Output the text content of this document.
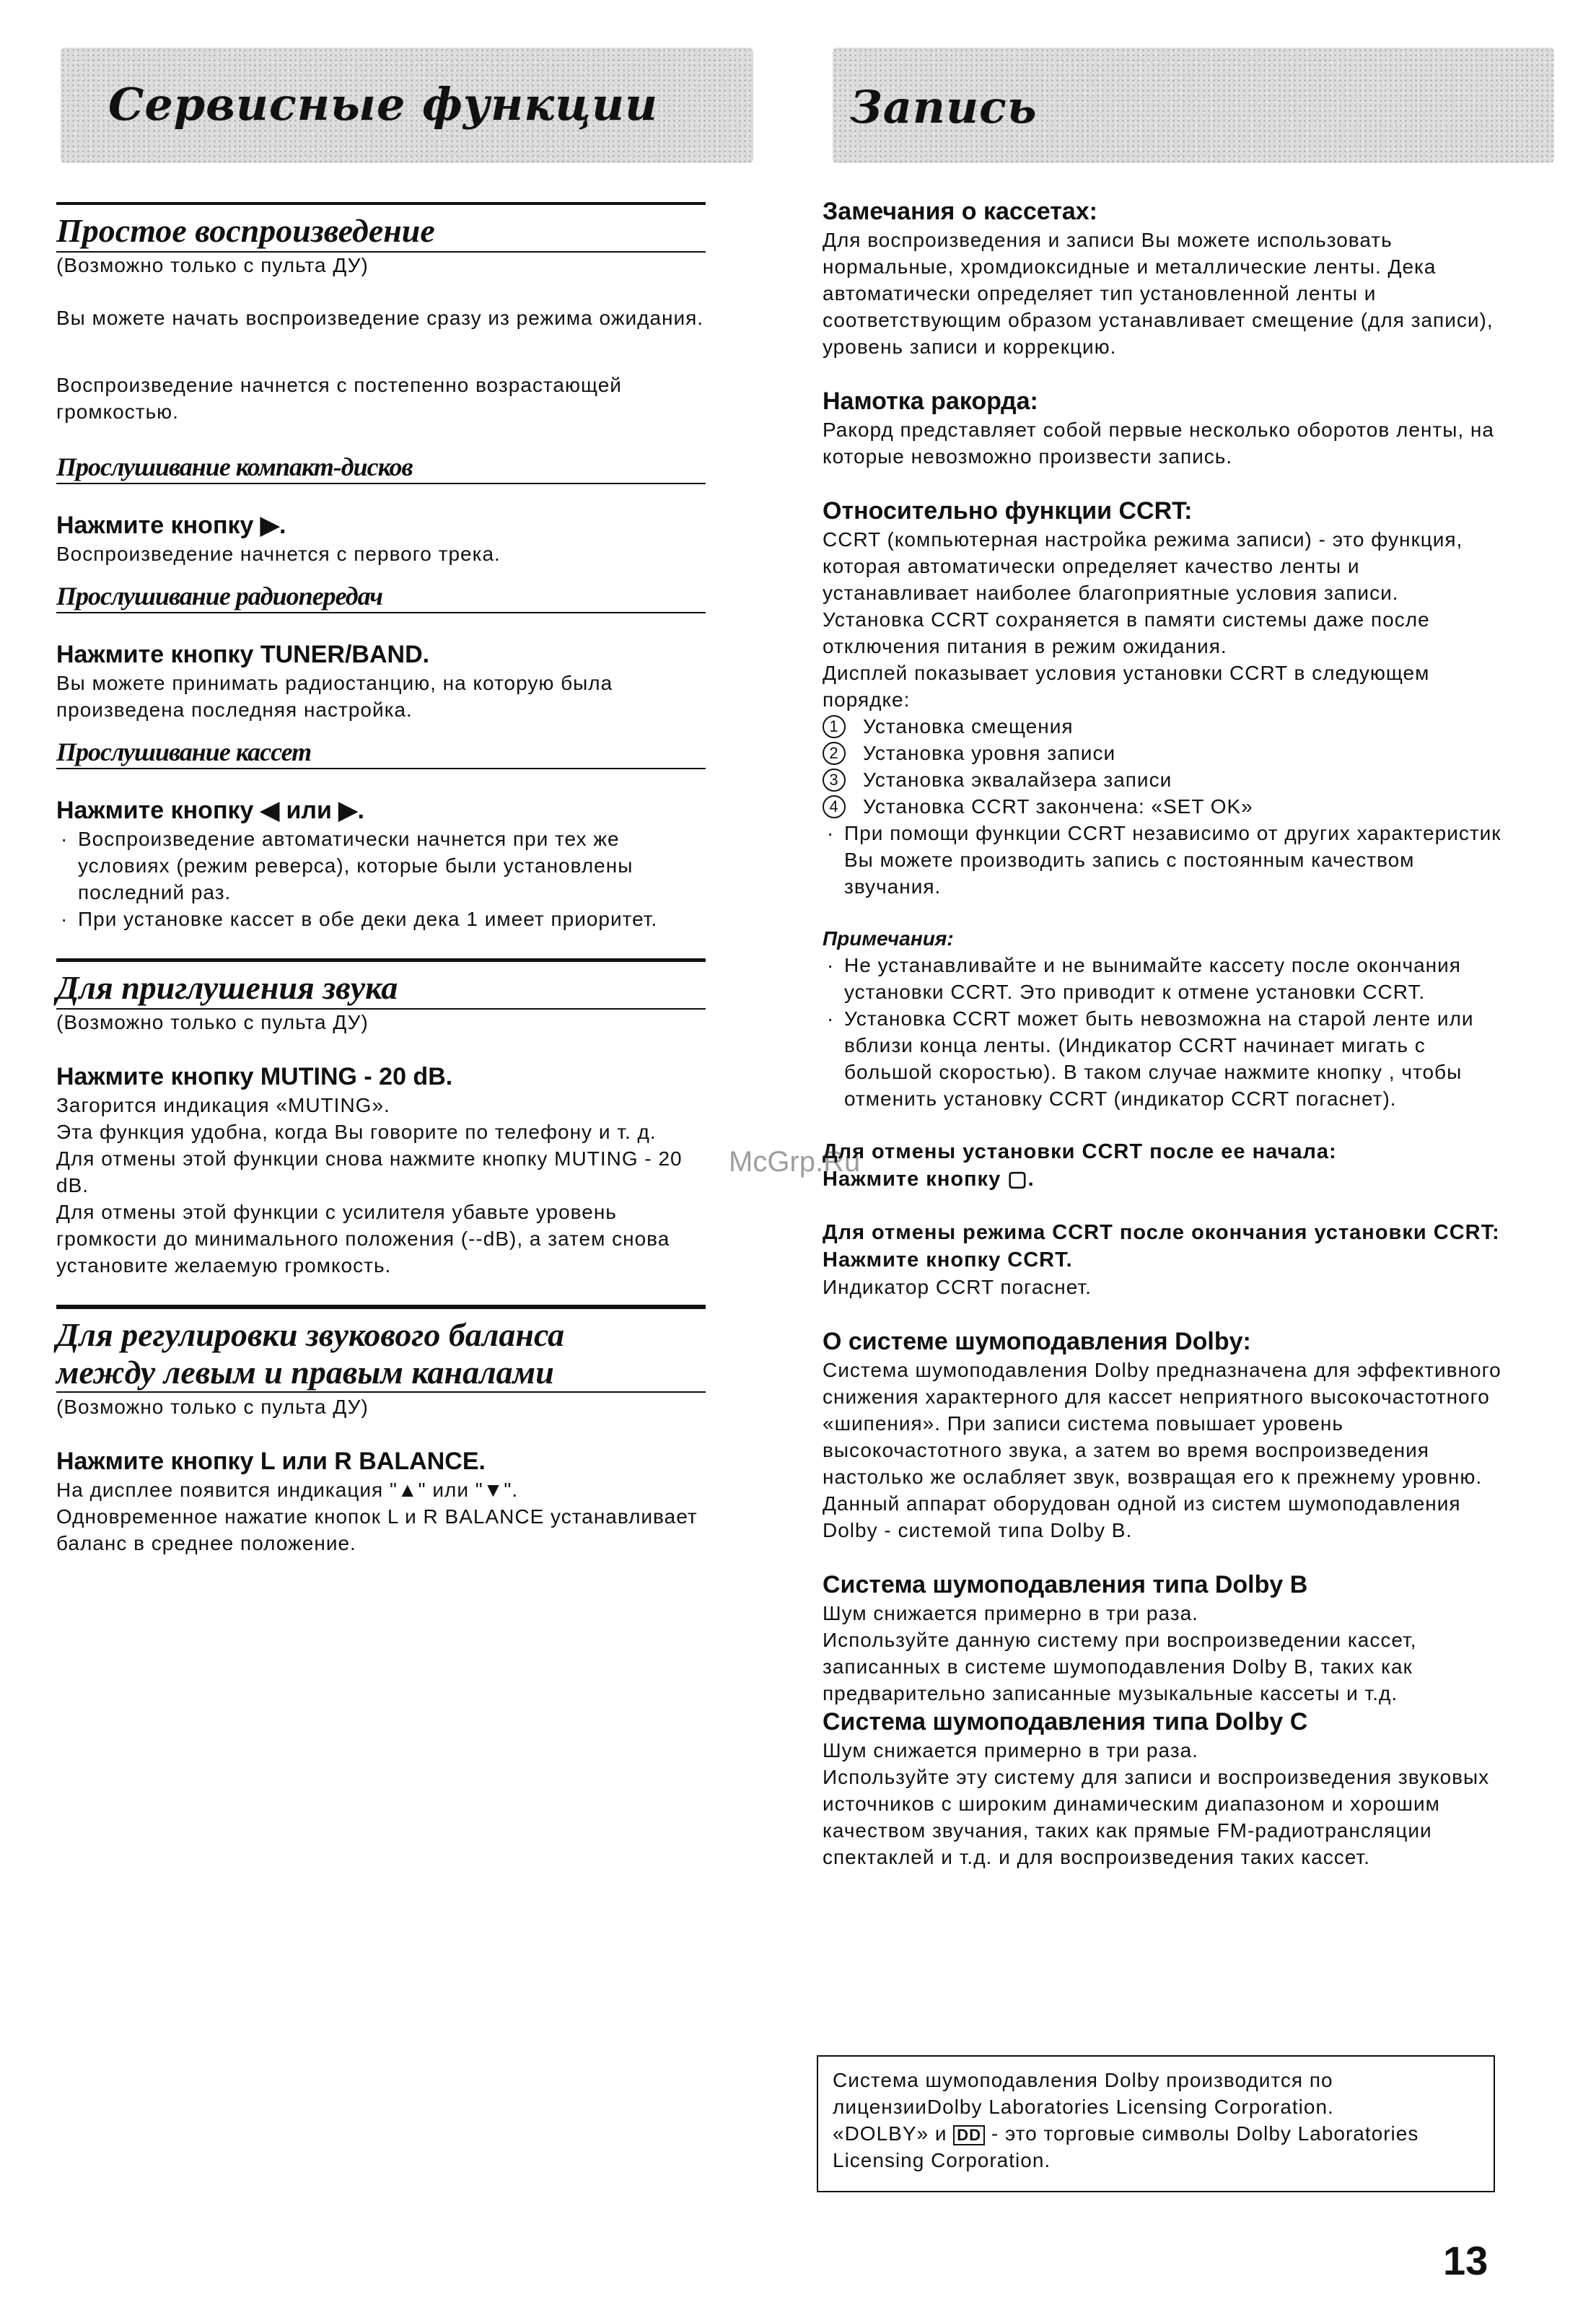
Сервисные функции	Запись
Простое воспроизведение

(Возможно только с пульта ДУ)

Вы можете начать воспроизведение сразу из режима ожидания.

Воспроизведение начнется с постепенно возрастающей громкостью.

Прослушивание компакт-дисков

Нажмите кнопку ▶.

Воспроизведение начнется с первого трека.

Прослушивание радиопередач

Нажмите кнопку TUNER/BAND.

Вы можете принимать радиостанцию, на которую была произведена последняя настройка.

Прослушивание кассет

Нажмите кнопку ◀ или ▶.

· Воспроизведение автоматически начнется при тех же условиях (режим реверса), которые были установлены последний раз.

· При установке кассет в обе деки дека 1 имеет приоритет.

Для приглушения звука

(Возможно только с пульта ДУ)

Нажмите кнопку MUTING - 20 dB.

Загорится индикация «MUTING».

Эта функция удобна, когда Вы говорите по телефону и т. д.

Для отмены этой функции снова нажмите кнопку MUTING - 20 dB.

Для отмены этой функции с усилителя убавьте уровень громкости до минимального положения (--dB), а затем снова установите желаемую громкость.

Для регулировки звукового баланса
между левым и правым каналами

(Возможно только с пульта ДУ)

Нажмите кнопку L или R BALANCE.

На дисплее появится индикация "▲" или "▼".

Одновременное нажатие кнопок L и R BALANCE устанавливает баланс в среднее положение.

Замечания о кассетах:

Для воспроизведения и записи Вы можете использовать нормальные, хромдиоксидные и металлические ленты. Дека автоматически определяет тип установленной ленты и соответствующим образом устанавливает смещение (для записи), уровень записи и коррекцию.

Намотка ракорда:

Ракорд представляет собой первые несколько оборотов ленты, на которые невозможно произвести запись.

Относительно функции CCRT:

CCRT (компьютерная настройка режима записи) - это функция, которая автоматически определяет качество ленты и устанавливает наиболее благоприятные условия записи.

Установка CCRT сохраняется в памяти системы даже после отключения питания в режим ожидания.

Дисплей показывает условия установки CCRT в следующем порядке:

1	Установка смещения

2	Установка уровня записи

3	Установка эквалайзера записи

4	Установка CCRT закончена: «SET OK»

· При помощи функции CCRT независимо от других характеристик Вы можете производить запись с постоянным качеством звучания.

Примечания:

· Не устанавливайте и не вынимайте кассету после окончания установки CCRT. Это приводит к отмене установки CCRT.

· Установка CCRT может быть невозможна на старой ленте или вблизи конца ленты. (Индикатор CCRT начинает мигать с большой скоростью). В таком случае нажмите кнопку , чтобы отменить установку CCRT (индикатор CCRT погаснет).

Для отмены установки CCRT после ее начала:

Нажмите кнопку ▢.

Для отмены режима CCRT после окончания установки CCRT:

Нажмите кнопку CCRT.

Индикатор CCRT погаснет.

О системе шумоподавления Dolby:

Система шумоподавления Dolby предназначена для эффективного снижения характерного для кассет неприятного высокочастотного «шипения». При записи система повышает уровень высокочастотного звука, а затем во время воспроизведения настолько же ослабляет звук, возвращая его к прежнему уровню. Данный аппарат оборудован одной из систем шумоподавления Dolby - системой типа Dolby B.

Система шумоподавления типа Dolby B

Шум снижается примерно в три раза.

Используйте данную систему при воспроизведении кассет, записанных в системе шумоподавления Dolby B, таких как предварительно записанные музыкальные кассеты и т.д.

Система шумоподавления типа Dolby C

Шум снижается примерно в три раза.

Используйте эту систему для записи и воспроизведения звуковых источников с широким динамическим диапазоном и хорошим качеством звучания, таких как прямые FM-радиотрансляции спектаклей и т.д. и для воспроизведения таких кассет.

Система шумоподавления Dolby производится по лицензииDolby Laboratories Licensing Corporation.

«DOLBY» и DD - это торговые символы Dolby Laboratories Licensing Corporation.

McGrp.Ru
13
